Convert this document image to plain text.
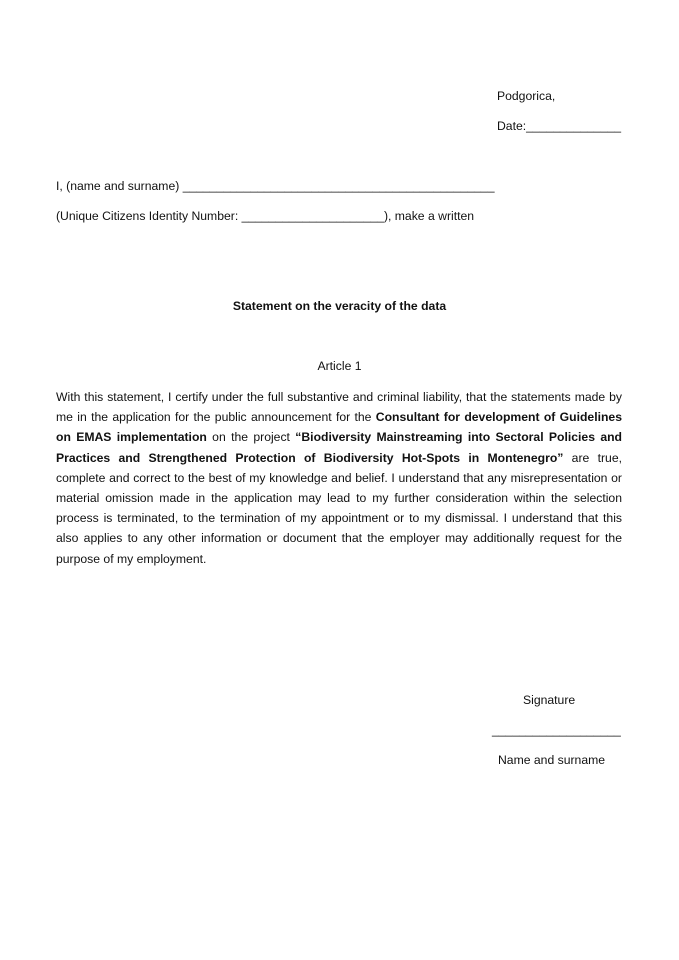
Podgorica,
Date:______________
I, (name and surname) ______________________________________________
(Unique Citizens Identity Number: _____________________), make a written
Statement on the veracity of the data
Article 1
With this statement, I certify under the full substantive and criminal liability, that the statements made by me in the application for the public announcement for the Consultant for development of Guidelines on EMAS implementation on the project “Biodiversity Mainstreaming into Sectoral Policies and Practices and Strengthened Protection of Biodiversity Hot-Spots in Montenegro” are true, complete and correct to the best of my knowledge and belief. I understand that any misrepresentation or material omission made in the application may lead to my further consideration within the selection process is terminated, to the termination of my appointment or to my dismissal. I understand that this also applies to any other information or document that the employer may additionally request for the purpose of my employment.
Signature
___________________
Name and surname
